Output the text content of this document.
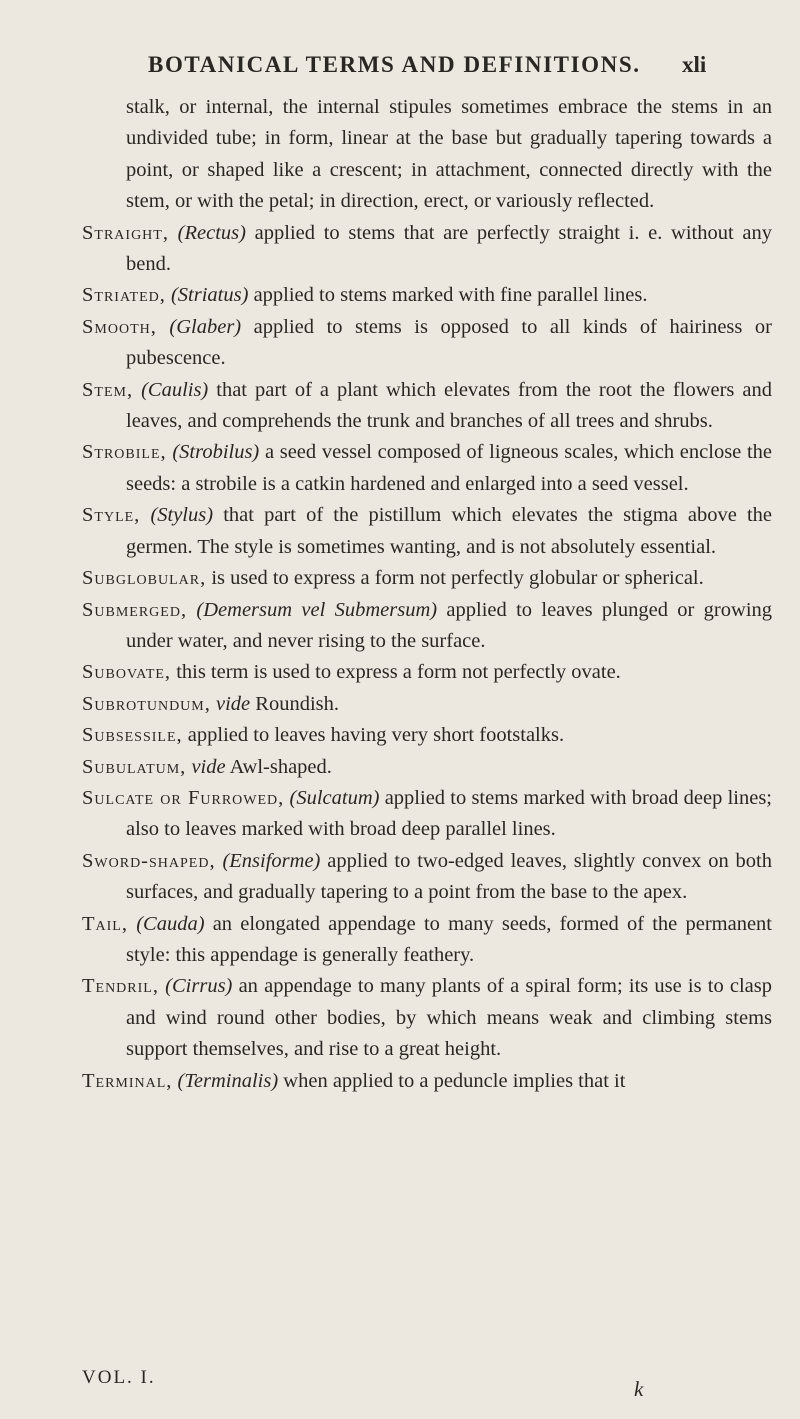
BOTANICAL TERMS AND DEFINITIONS. xli

stalk, or internal, the internal stipules sometimes embrace the stems in an undivided tube; in form, linear at the base but gradually tapering towards a point, or shaped like a crescent; in attachment, connected directly with the stem, or with the petal; in direction, erect, or variously reflected.

Straight, (Rectus) applied to stems that are perfectly straight i. e. without any bend.

Striated, (Striatus) applied to stems marked with fine parallel lines.

Smooth, (Glaber) applied to stems is opposed to all kinds of hairiness or pubescence.

Stem, (Caulis) that part of a plant which elevates from the root the flowers and leaves, and comprehends the trunk and branches of all trees and shrubs.

Strobile, (Strobilus) a seed vessel composed of ligneous scales, which enclose the seeds: a strobile is a catkin hardened and enlarged into a seed vessel.

Style, (Stylus) that part of the pistillum which elevates the stigma above the germen. The style is sometimes wanting, and is not absolutely essential.

Subglobular, is used to express a form not perfectly globular or spherical.

Submerged, (Demersum vel Submersum) applied to leaves plunged or growing under water, and never rising to the surface.

Subovate, this term is used to express a form not perfectly ovate.

Subrotundum, vide Roundish.

Subsessile, applied to leaves having very short footstalks.

Subulatum, vide Awl-shaped.

Sulcate or Furrowed, (Sulcatum) applied to stems marked with broad deep lines; also to leaves marked with broad deep parallel lines.

Sword-shaped, (Ensiforme) applied to two-edged leaves, slightly convex on both surfaces, and gradually tapering to a point from the base to the apex.

Tail, (Cauda) an elongated appendage to many seeds, formed of the permanent style: this appendage is generally feathery.

Tendril, (Cirrus) an appendage to many plants of a spiral form; its use is to clasp and wind round other bodies, by which means weak and climbing stems support themselves, and rise to a great height.

Terminal, (Terminalis) when applied to a peduncle implies that it

VOL. I.	k
